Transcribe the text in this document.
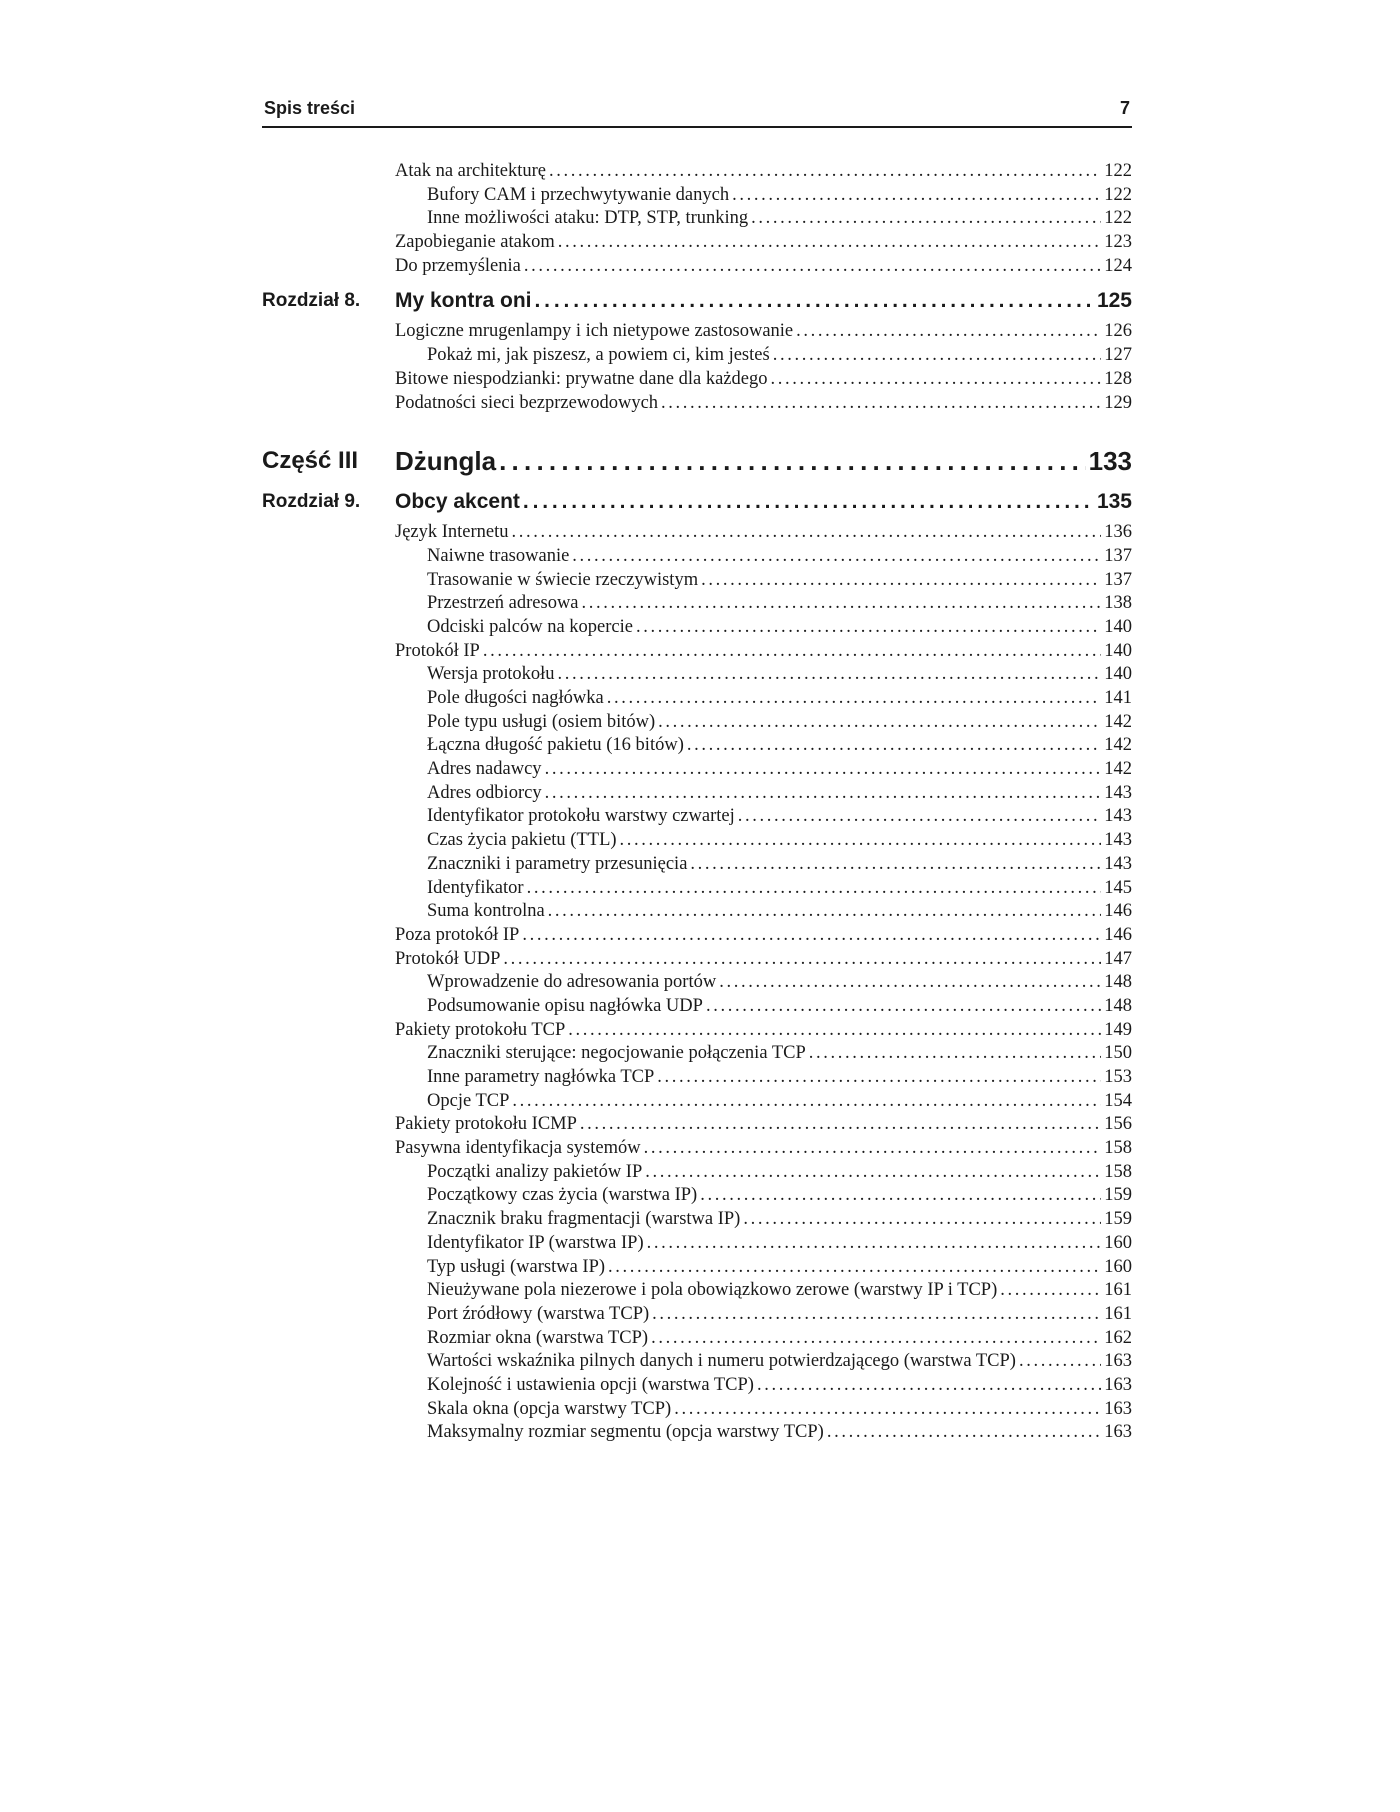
Spis treści	7
Atak na architekturę . . .	122
Bufory CAM i przechwytywanie danych . . .	122
Inne możliwości ataku: DTP, STP, trunking . . .	122
Zapobieganie atakom . . .	123
Do przemyślenia . . .	124
Rozdział 8. My kontra oni . . .	125
Logiczne mrugenlampy i ich nietypowe zastosowanie . . .	126
Pokaż mi, jak piszesz, a powiem ci, kim jesteś . . .	127
Bitowe niespodzianki: prywatne dane dla każdego . . .	128
Podatności sieci bezprzewodowych . . .	129
Część III Dżungla . . .	133
Rozdział 9. Obcy akcent . . .	135
Język Internetu . . .	136
Naiwne trasowanie . . .	137
Trasowanie w świecie rzeczywistym . . .	137
Przestrzeń adresowa . . .	138
Odciski palców na kopercie . . .	140
Protokół IP . . .	140
Wersja protokołu . . .	140
Pole długości nagłówka . . .	141
Pole typu usługi (osiem bitów) . . .	142
Łączna długość pakietu (16 bitów) . . .	142
Adres nadawcy . . .	142
Adres odbiorcy . . .	143
Identyfikator protokołu warstwy czwartej . . .	143
Czas życia pakietu (TTL) . . .	143
Znaczniki i parametry przesunięcia . . .	143
Identyfikator . . .	145
Suma kontrolna . . .	146
Poza protokół IP . . .	146
Protokół UDP . . .	147
Wprowadzenie do adresowania portów . . .	148
Podsumowanie opisu nagłówka UDP . . .	148
Pakiety protokołu TCP . . .	149
Znaczniki sterujące: negocjowanie połączenia TCP . . .	150
Inne parametry nagłówka TCP . . .	153
Opcje TCP . . .	154
Pakiety protokołu ICMP . . .	156
Pasywna identyfikacja systemów . . .	158
Początki analizy pakietów IP . . .	158
Początkowy czas życia (warstwa IP) . . .	159
Znacznik braku fragmentacji (warstwa IP) . . .	159
Identyfikator IP (warstwa IP) . . .	160
Typ usługi (warstwa IP) . . .	160
Nieużywane pola niezerowe i pola obowiązkowo zerowe (warstwy IP i TCP) . . .	161
Port źródłowy (warstwa TCP) . . .	161
Rozmiar okna (warstwa TCP) . . .	162
Wartości wskaźnika pilnych danych i numeru potwierdzającego (warstwa TCP) . . .	163
Kolejność i ustawienia opcji (warstwa TCP) . . .	163
Skala okna (opcja warstwy TCP) . . .	163
Maksymalny rozmiar segmentu (opcja warstwy TCP) . . .	163
